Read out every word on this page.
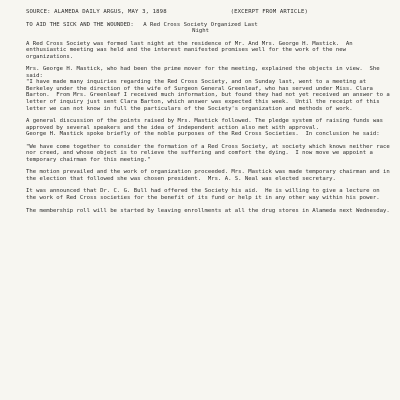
SOURCE: ALAMEDA DAILY ARGUS, MAY 3, 1898	(EXCERPT FROM ARTICLE)
TO AID THE SICK AND THE WOUNDED: A Red Cross Society Organized Last Night

A Red Cross Society was formed last night at the residence of Mr. And Mrs. George H. Mastick.  An enthusiastic meeting was held and the interest manifested promises well for the work of the new organizations.

Mrs. George H. Mastick, who had been the prime mover for the meeting, explained the objects in view.  She said:
"I have made many inquiries regarding the Red Cross Society, and on Sunday last, went to a meeting at Berkeley under the direction of the wife of Surgeon General Greenleaf, who has served under Miss. Clara Barton.  From Mrs. Greenleaf I received much information, but found they had not yet received an answer to a letter of inquiry just sent Clara Barton, which answer was expected this week.  Until the receipt of this letter we can not know in full the particulars of the Society's organization and methods of work.

A general discussion of the points raised by Mrs. Mastick followed. The pledge system of raising funds was approved by several speakers and the idea of independent action also met with approval.

George H. Mastick spoke briefly of the noble purposes of the Red Cross Societies.  In conclusion he said:

"We have come together to consider the formation of a Red Cross Society, at society which knows neither race nor creed, and whose object is to relieve the suffering and comfort the dying.  I now move we appoint a temporary chairman for this meeting."

The motion prevailed and the work of organization proceeded. Mrs. Mastick was made temporary chairman and in the election that followed she was chosen president.  Mrs. A. S. Neal was elected secretary.

It was announced that Dr. C. G. Bull had offered the Society his aid.  He is willing to give a lecture on the work of Red Cross societies for the benefit of its fund or help it in any other way within his power.

The membership roll will be started by leaving enrollments at all the drug stores in Alameda next Wednesday.
